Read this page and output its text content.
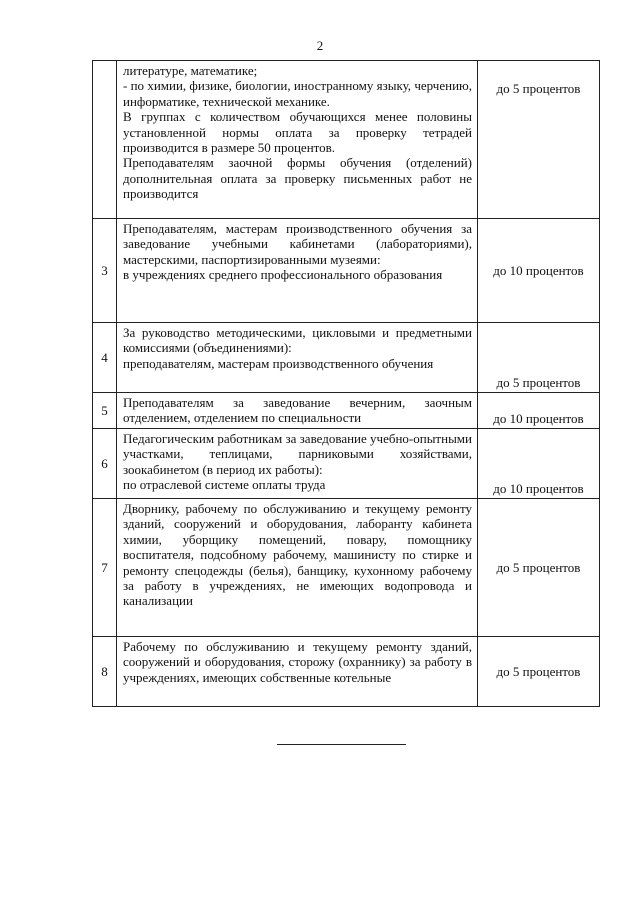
2

	литературе, математике;
- по химии, физике, биологии, иностранному языку, черчению, информатике, технической механике.
В группах с количеством обучающихся менее половины установленной нормы оплата за проверку тетрадей производится в размере 50 процентов.
Преподавателям заочной формы обучения (отделений) дополнительная оплата за проверку письменных работ не производится	до 5 процентов
3	Преподавателям, мастерам производственного обучения за заведование учебными кабинетами (лабораториями), мастерскими, паспортизированными музеями:
в учреждениях среднего профессионального образования	до 10 процентов
4	За руководство методическими, цикловыми и предметными комиссиями (объединениями):
преподавателям, мастерам производственного обучения	до 5 процентов
5	Преподавателям за заведование вечерним, заочным отделением, отделением по специальности	до 10 процентов
6	Педагогическим работникам за заведование учебно-опытными участками, теплицами, парниковыми хозяйствами, зоокабинетом (в период их работы):
по отраслевой системе оплаты труда	до 10 процентов
7	Дворнику, рабочему по обслуживанию и текущему ремонту зданий, сооружений и оборудования, лаборанту кабинета химии, уборщику помещений, повару, помощнику воспитателя, подсобному рабочему, машинисту по стирке и ремонту спецодежды (белья), банщику, кухонному рабочему за работу в учреждениях, не имеющих водопровода и канализации	до 5 процентов
8	Рабочему по обслуживанию и текущему ремонту зданий, сооружений и оборудования, сторожу (охраннику) за работу в учреждениях, имеющих собственные котельные	до 5 процентов
